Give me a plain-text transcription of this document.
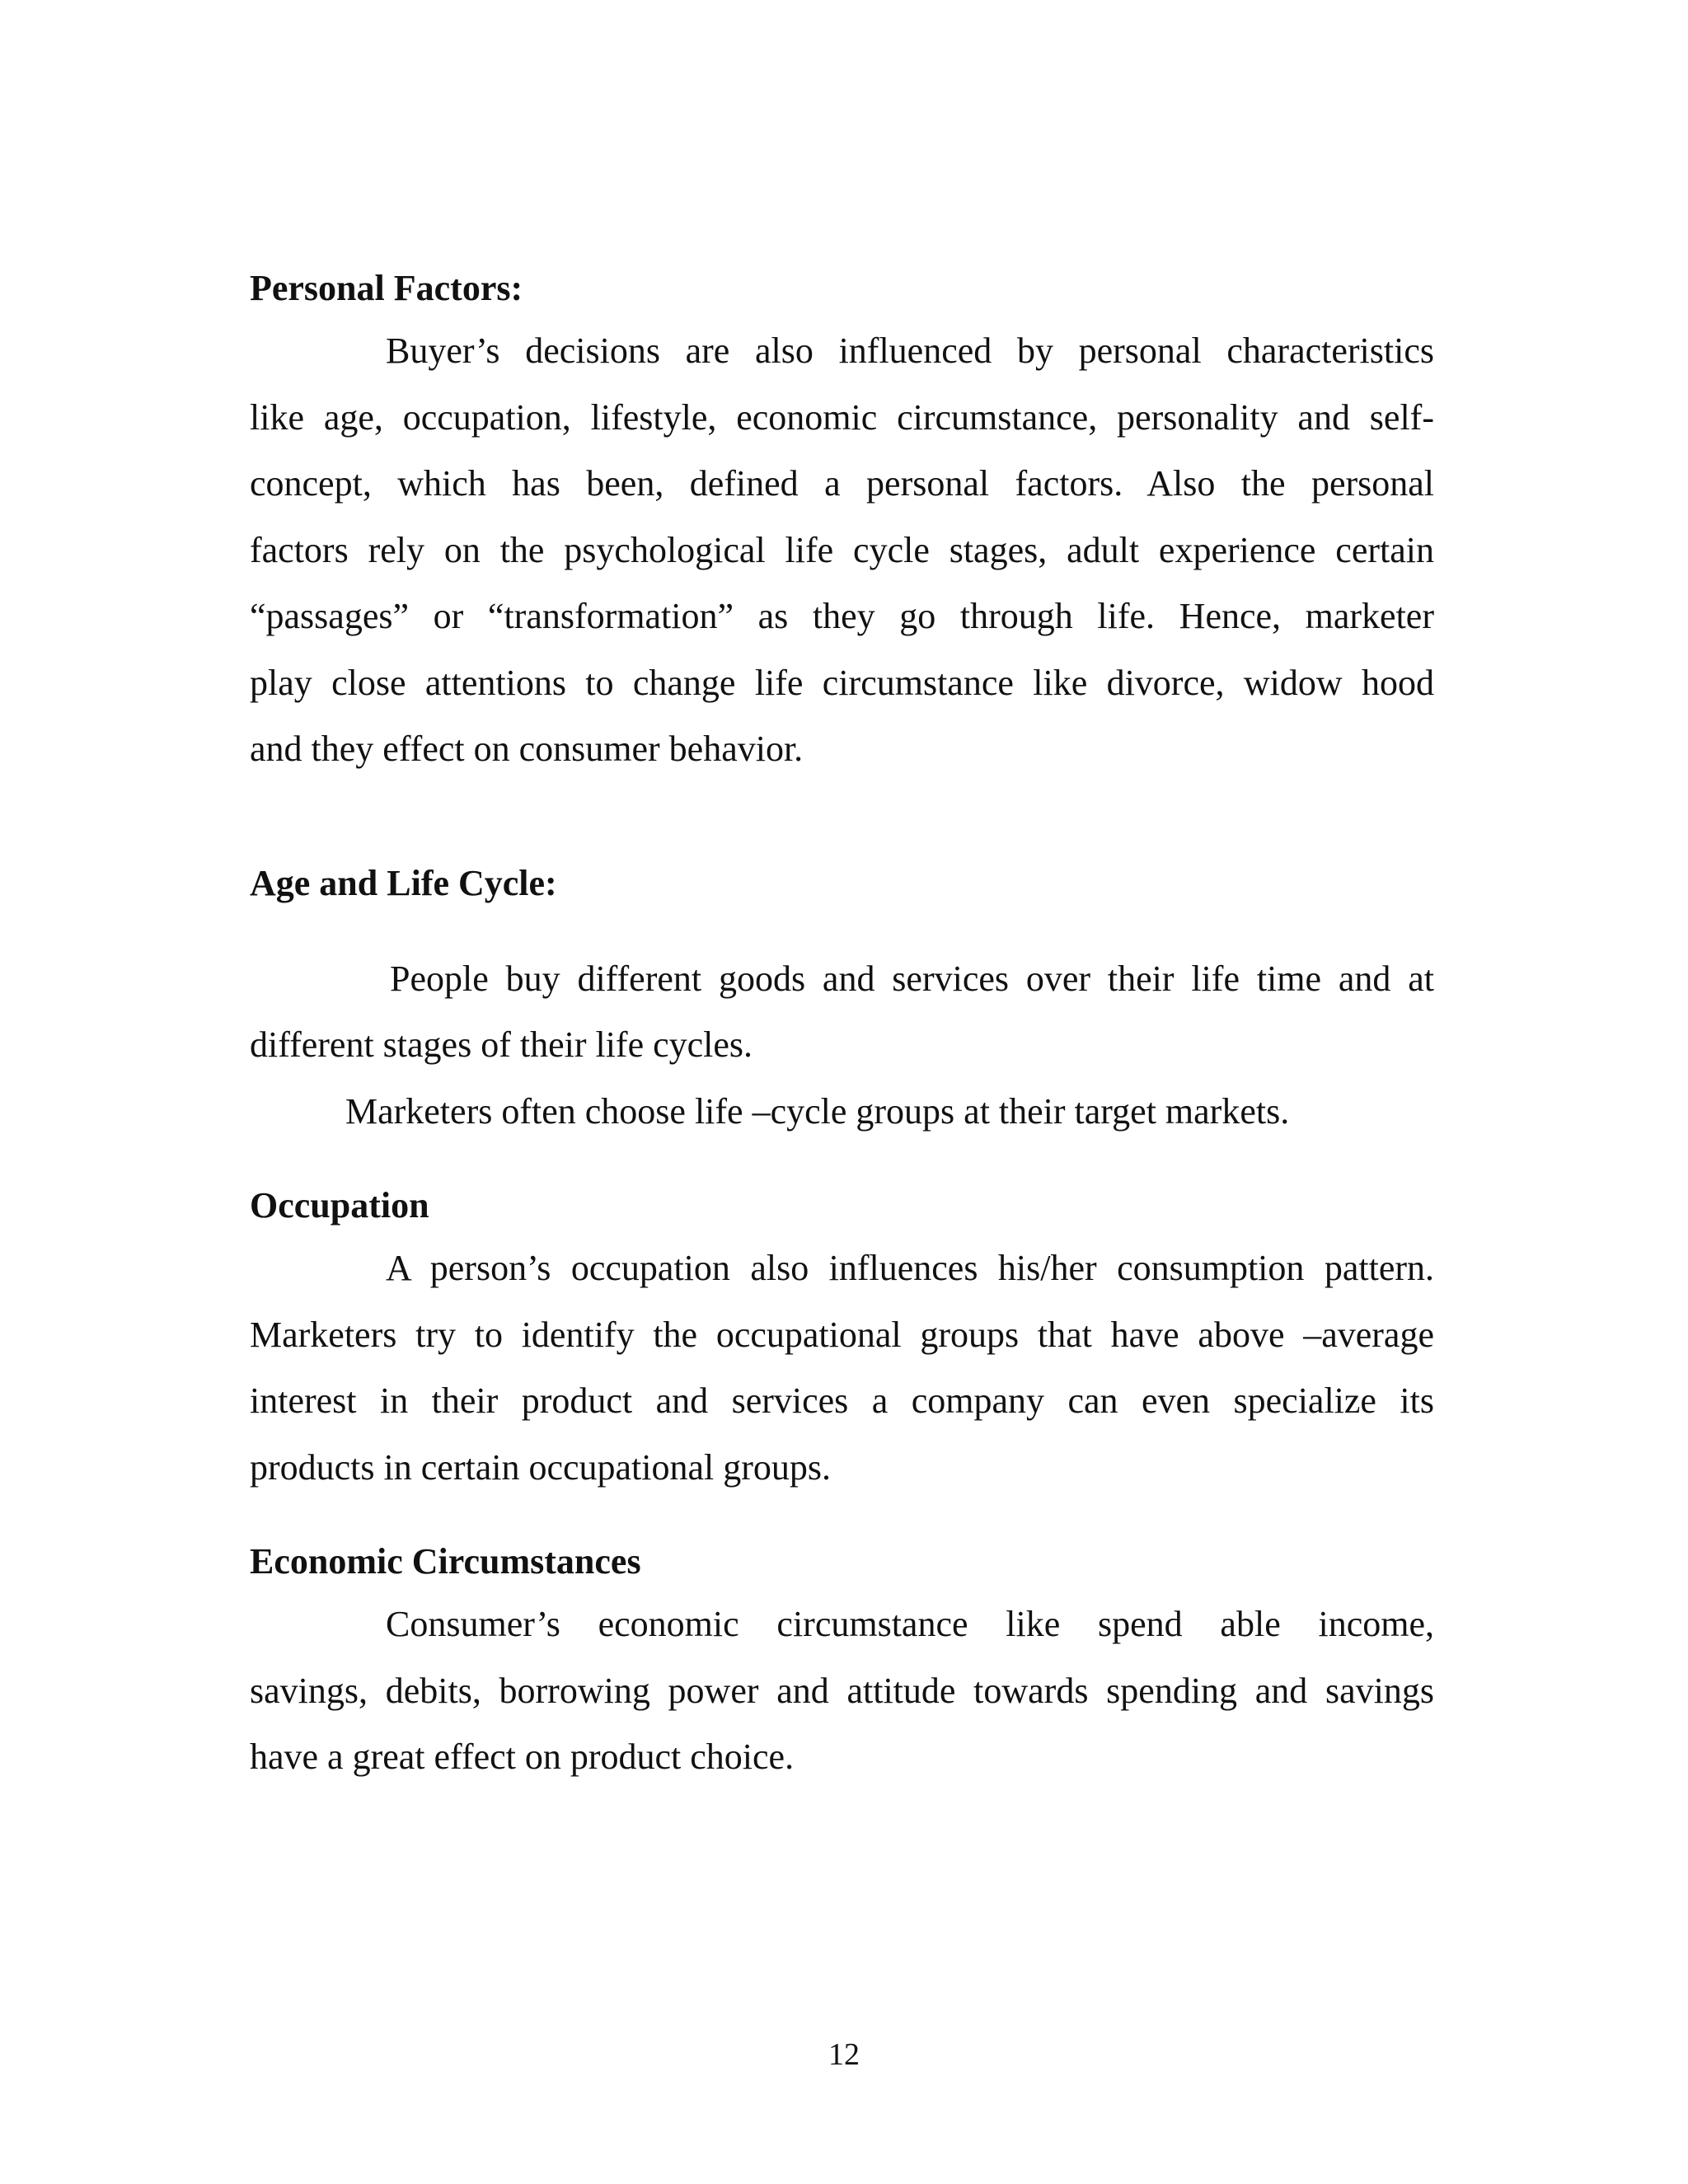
Personal Factors:
Buyer’s decisions are also influenced by personal characteristics
like age, occupation, lifestyle, economic circumstance, personality and self-
concept, which has been, defined a personal factors. Also the personal
factors rely on the psychological life cycle stages, adult experience certain
“passages” or “transformation” as they go through life. Hence, marketer
play close attentions to change life circumstance like divorce, widow hood
and they effect on consumer behavior.
Age and Life Cycle:
People buy different goods and services over their life time and at
different stages of their life cycles.

Marketers often choose life –cycle groups at their target markets.

Occupation
A person’s occupation also influences his/her consumption pattern.
Marketers try to identify the occupational groups that have above –average
interest in their product and services a company can even specialize its
products in certain occupational groups.
Economic Circumstances
Consumer’s economic circumstance like spend able income,
savings, debits, borrowing power and attitude towards spending and savings
have a great effect on product choice.
12
